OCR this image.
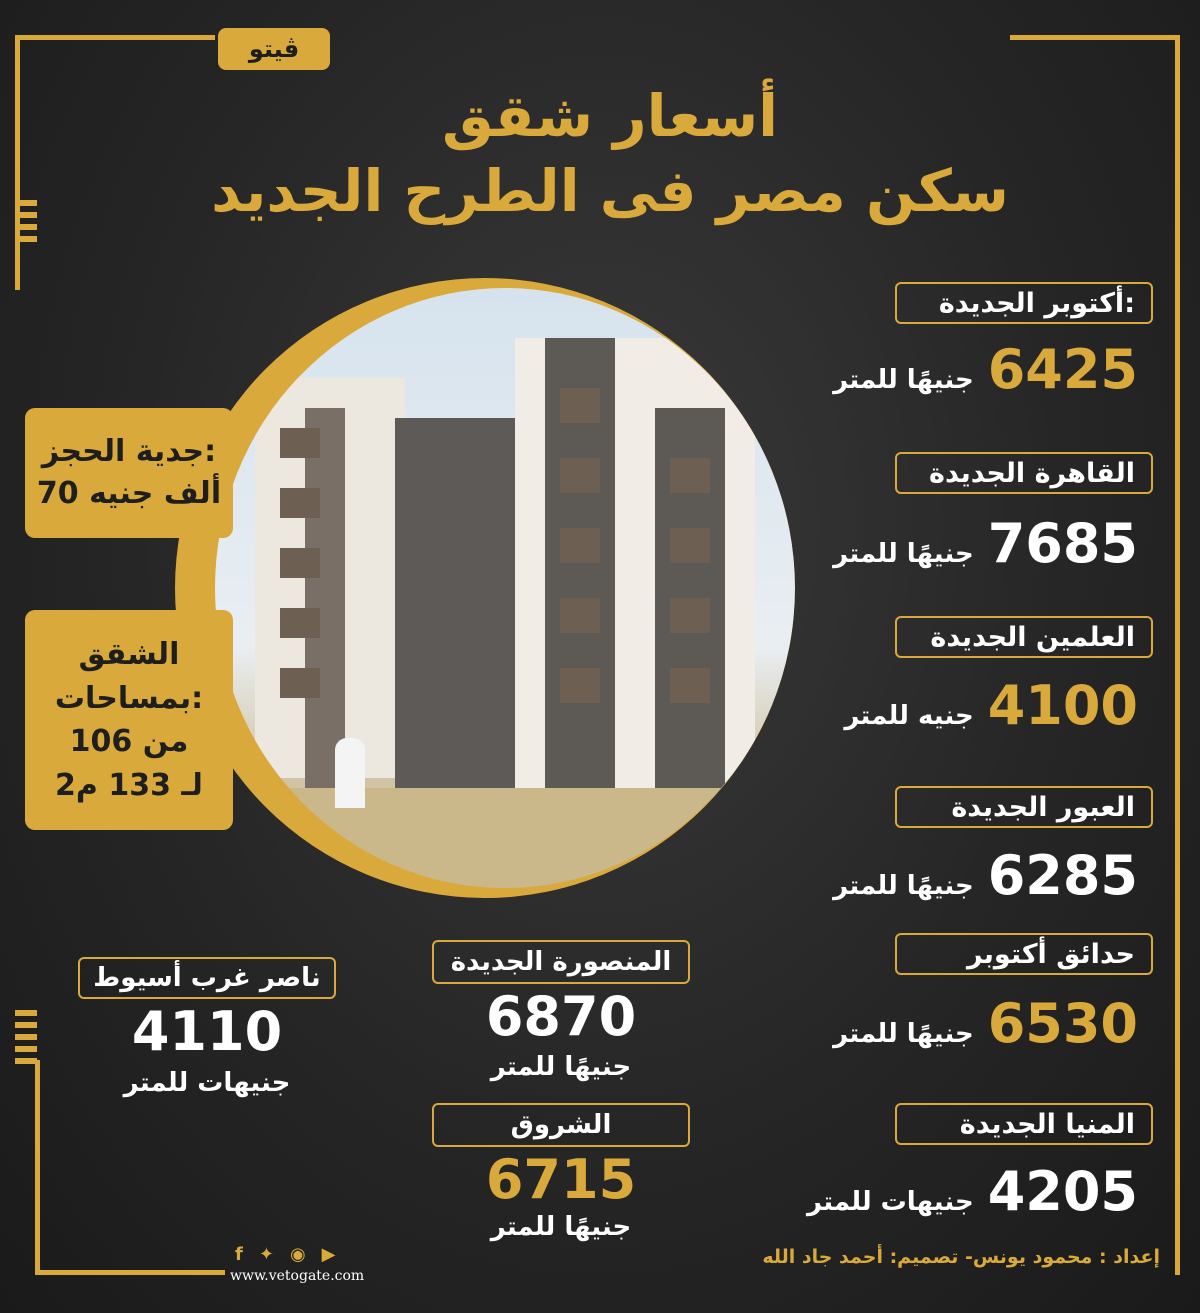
ڤيتو
أسعار شقق
سكن مصر فى الطرح الجديد
جدية الحجز:
70 ألف جنيه
الشقق
بمساحات:
من 106
لـ 133 م2
أكتوبر الجديدة:
6425
جنيهًا للمتر
القاهرة الجديدة
7685
جنيهًا للمتر
العلمين الجديدة
4100
جنيه للمتر
العبور الجديدة
6285
جنيهًا للمتر
حدائق أكتوبر
6530
جنيهًا للمتر
المنيا الجديدة
4205
جنيهات للمتر
المنصورة الجديدة
6870
جنيهًا للمتر
الشروق
6715
جنيهًا للمتر
ناصر غرب أسيوط
4110
جنيهات للمتر
f ✦ ◉ ▶
www.vetogate.com
إعداد : محمود يونس- تصميم: أحمد جاد الله
